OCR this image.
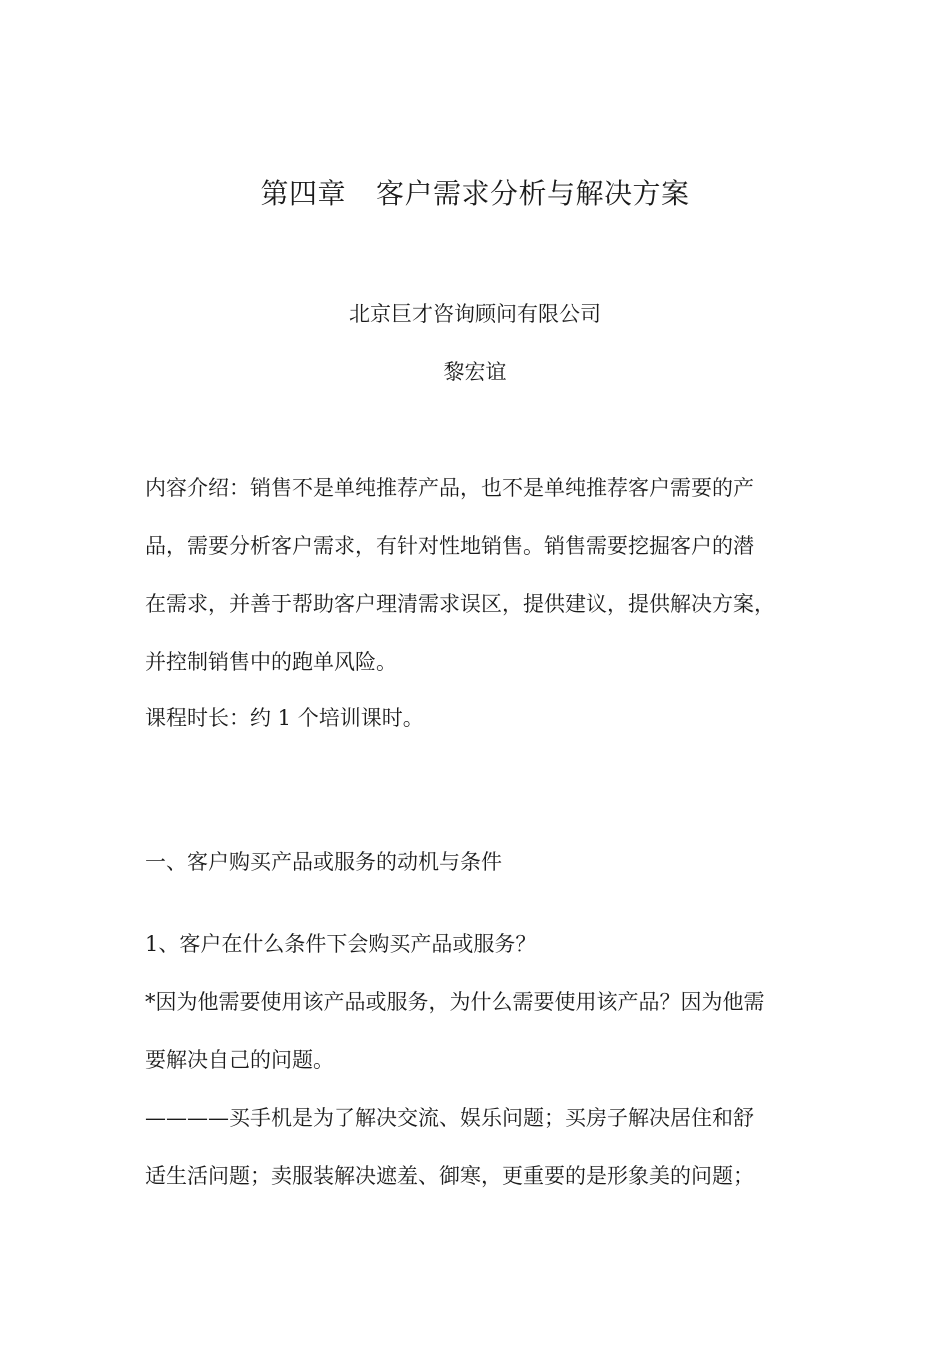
第四章 客户需求分析与解决方案
北京巨才咨询顾问有限公司
黎宏谊
内容介绍：销售不是单纯推荐产品，也不是单纯推荐客户需要的产
品，需要分析客户需求，有针对性地销售。销售需要挖掘客户的潜
在需求，并善于帮助客户理清需求误区，提供建议，提供解决方案，
并控制销售中的跑单风险。
课程时长：约 1 个培训课时。
一、客户购买产品或服务的动机与条件
1、客户在什么条件下会购买产品或服务？
*因为他需要使用该产品或服务，为什么需要使用该产品？因为他需
要解决自己的问题。
————买手机是为了解决交流、娱乐问题；买房子解决居住和舒
适生活问题；卖服装解决遮羞、御寒，更重要的是形象美的问题；
